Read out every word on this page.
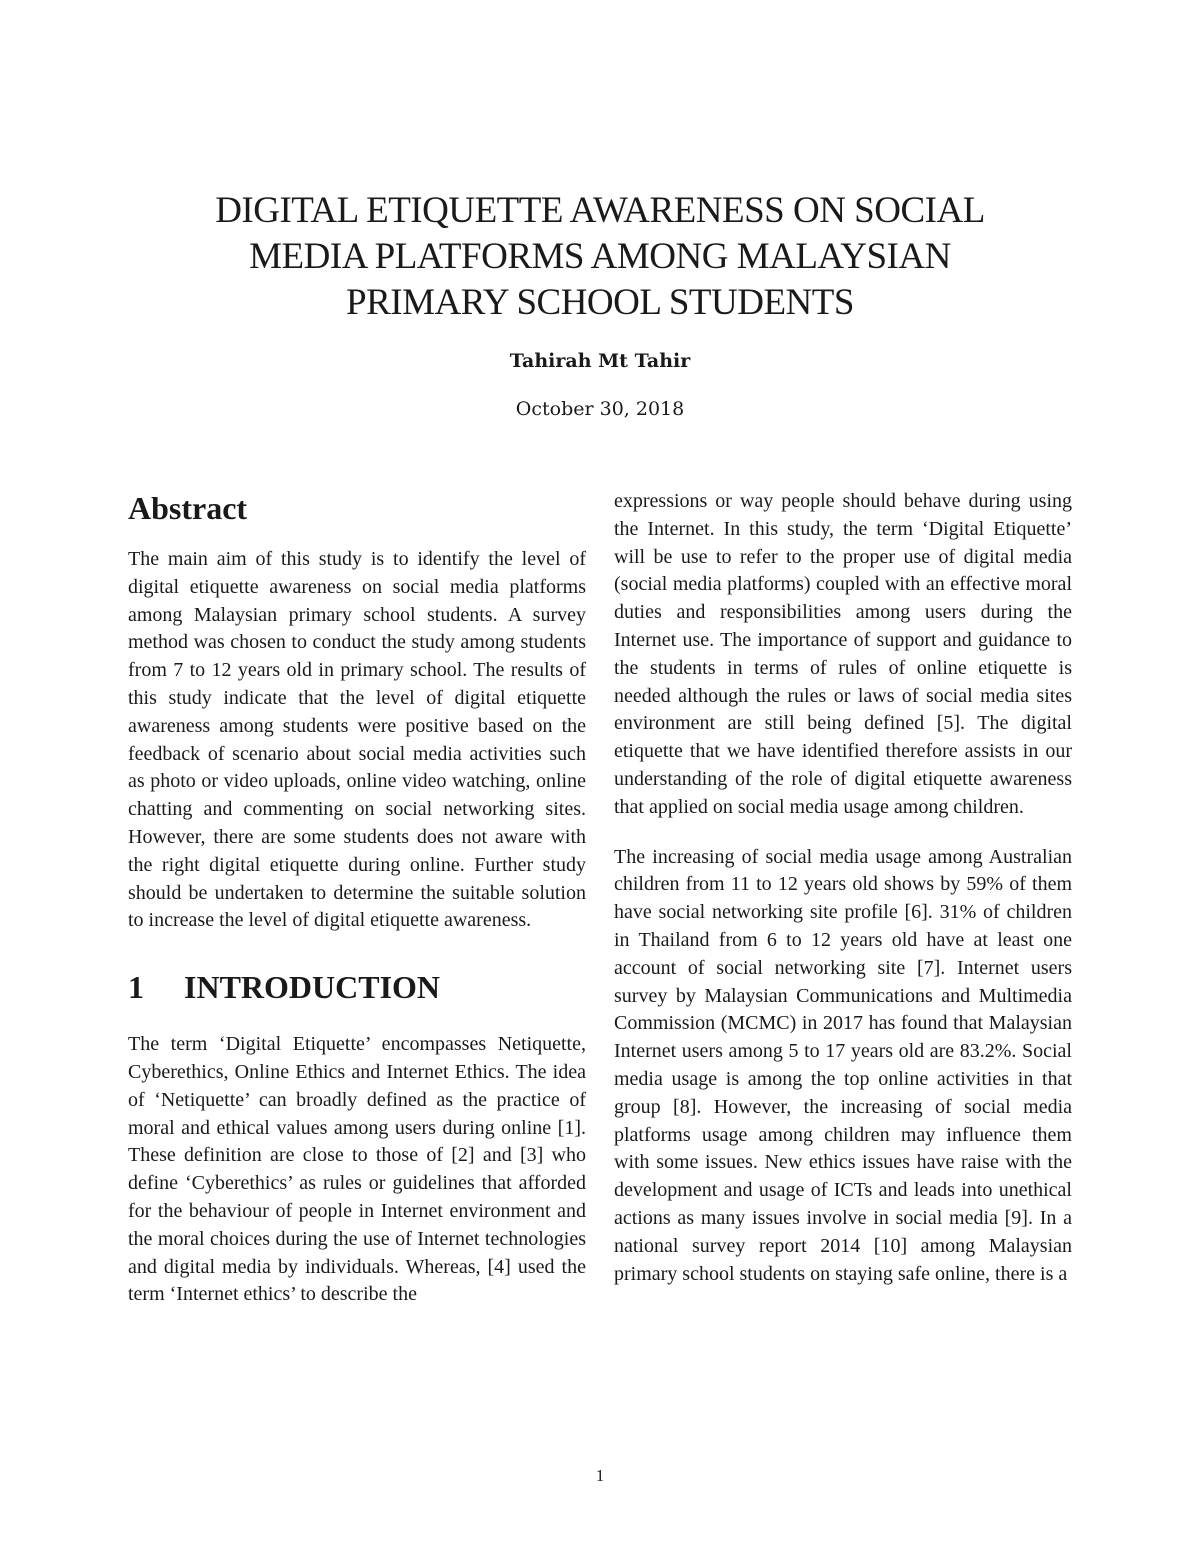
DIGITAL ETIQUETTE AWARENESS ON SOCIAL
MEDIA PLATFORMS AMONG MALAYSIAN
PRIMARY SCHOOL STUDENTS

Tahirah Mt Tahir

October 30, 2018

Abstract

The main aim of this study is to identify the level of digital etiquette awareness on social media platforms among Malaysian primary school students. A survey method was chosen to conduct the study among students from 7 to 12 years old in primary school. The results of this study indicate that the level of digital etiquette awareness among students were positive based on the feedback of scenario about social media activities such as photo or video uploads, online video watching, online chatting and commenting on social networking sites. However, there are some students does not aware with the right digital etiquette during online. Further study should be undertaken to determine the suitable solution to increase the level of digital etiquette awareness.

1	INTRODUCTION

The term ‘Digital Etiquette’ encompasses Netiquette, Cyberethics, Online Ethics and Internet Ethics. The idea of ‘Netiquette’ can broadly defined as the practice of moral and ethical values among users during online [1]. These definition are close to those of [2] and [3] who define ‘Cyberethics’ as rules or guidelines that afforded for the behaviour of people in Internet environment and the moral choices during the use of Internet technologies and digital media by individuals. Whereas, [4] used the term ‘Internet ethics’ to describe the

expressions or way people should behave during using the Internet. In this study, the term ‘Digital Etiquette’ will be use to refer to the proper use of digital media (social media platforms) coupled with an effective moral duties and responsibilities among users during the Internet use. The importance of support and guidance to the students in terms of rules of online etiquette is needed although the rules or laws of social media sites environment are still being defined [5]. The digital etiquette that we have identified therefore assists in our understanding of the role of digital etiquette awareness that applied on social media usage among children.

The increasing of social media usage among Australian children from 11 to 12 years old shows by 59% of them have social networking site profile [6]. 31% of children in Thailand from 6 to 12 years old have at least one account of social networking site [7]. Internet users survey by Malaysian Communications and Multimedia Commission (MCMC) in 2017 has found that Malaysian Internet users among 5 to 17 years old are 83.2%. Social media usage is among the top online activities in that group [8]. However, the increasing of social media platforms usage among children may influence them with some issues. New ethics issues have raise with the development and usage of ICTs and leads into unethical actions as many issues involve in social media [9]. In a national survey report 2014 [10] among Malaysian primary school students on staying safe online, there is a

1
